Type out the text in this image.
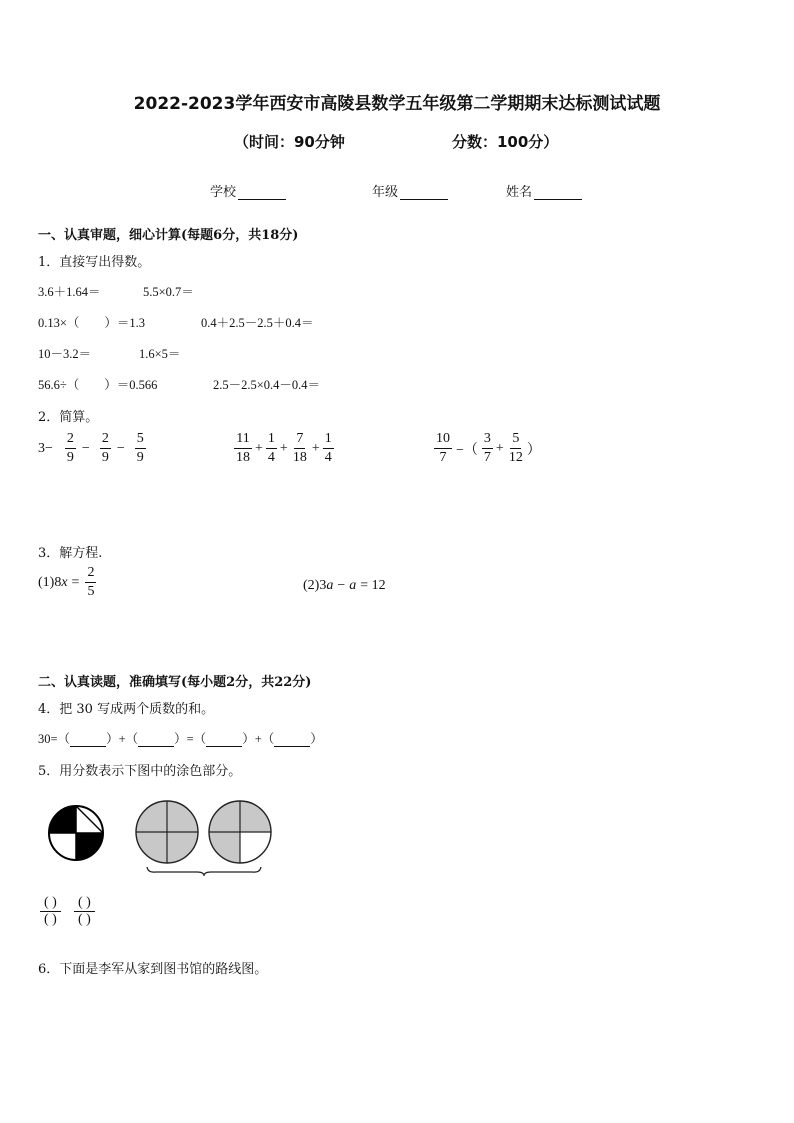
2022-2023学年西安市高陵县数学五年级第二学期期末达标测试试题
（时间：90分钟	分数：100分）
学校	年级	姓名
一、认真审题，细心计算(每题6分，共18分)
1．直接写出得数。
3.6＋1.64＝	5.5×0.7＝
0.13×（　　）＝1.3	0.4＋2.5－2.5＋0.4＝
10－3.2＝	1.6×5＝
56.6÷（　　）＝0.566	2.5－2.5×0.4－0.4＝
2．简算。
$3- \frac{2}{9} - \frac{2}{9} - \frac{5}{9}$	$\frac{11}{18} + \frac{1}{4} + \frac{7}{18} + \frac{1}{4}$	$\frac{10}{7}$ −（ $\frac{3}{7} + \frac{5}{12}$ ）
3．解方程.
(1)8 $x = \frac{2}{5}$	(2)3 a − a = 12
二、认真读题，准确填写(每小题2分，共22分)
4．把 30 写成两个质数的和。
30=（	）+（	）=（	）+（	）
5．用分数表示下图中的涂色部分。
$\frac{( )}{( )} \frac{( )}{( )}$
6．下面是李军从家到图书馆的路线图。
